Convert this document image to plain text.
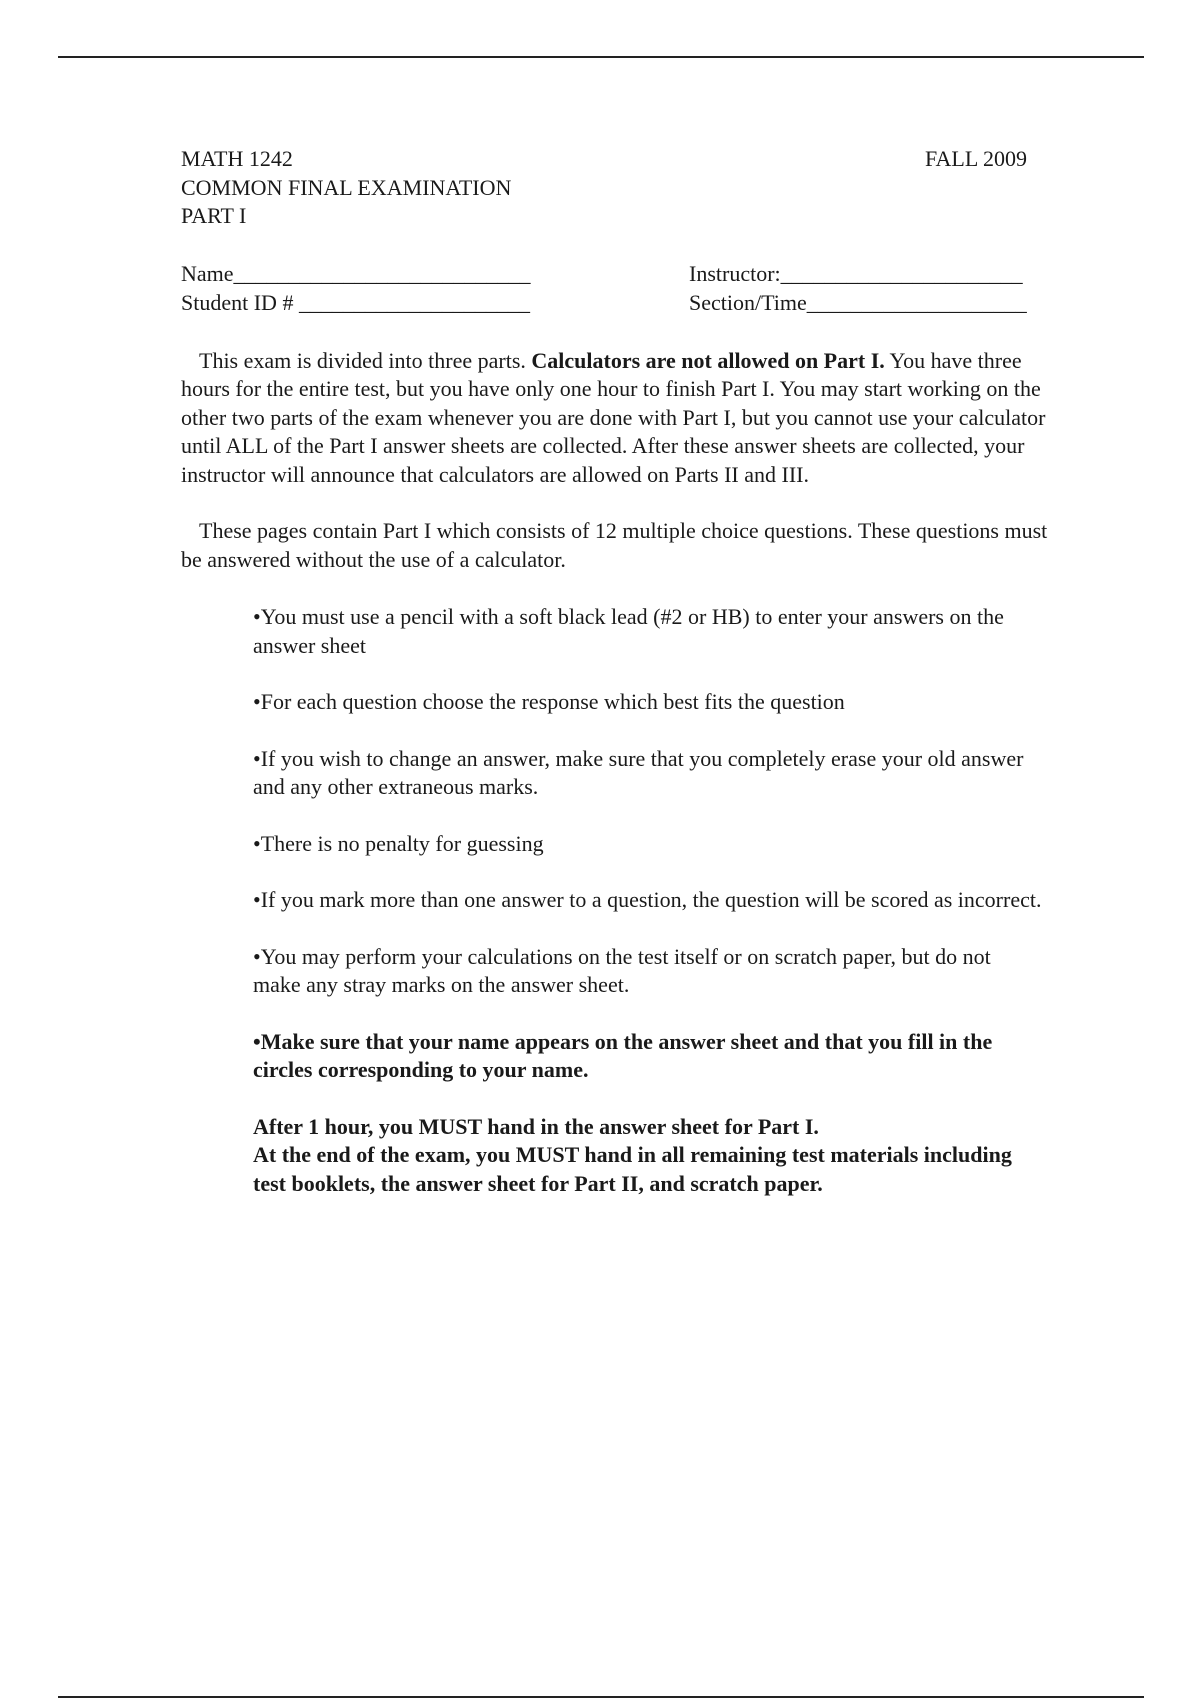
MATH 1242
COMMON FINAL EXAMINATION
PART I
FALL 2009
Name___________________________
Student ID # _____________________
Instructor:______________________
Section/Time____________________

This exam is divided into three parts. Calculators are not allowed on Part I. You have three hours for the entire test, but you have only one hour to finish Part I. You may start working on the other two parts of the exam whenever you are done with Part I, but you cannot use your calculator until ALL of the Part I answer sheets are collected. After these answer sheets are collected, your instructor will announce that calculators are allowed on Parts II and III.

These pages contain Part I which consists of 12 multiple choice questions. These questions must be answered without the use of a calculator.

•You must use a pencil with a soft black lead (#2 or HB) to enter your answers on the answer sheet
•For each question choose the response which best fits the question
•If you wish to change an answer, make sure that you completely erase your old answer and any other extraneous marks.
•There is no penalty for guessing
•If you mark more than one answer to a question, the question will be scored as incorrect.
•You may perform your calculations on the test itself or on scratch paper, but do not make any stray marks on the answer sheet.
•Make sure that your name appears on the answer sheet and that you fill in the circles corresponding to your name.
After 1 hour, you MUST hand in the answer sheet for Part I.
At the end of the exam, you MUST hand in all remaining test materials including test booklets, the answer sheet for Part II, and scratch paper.
